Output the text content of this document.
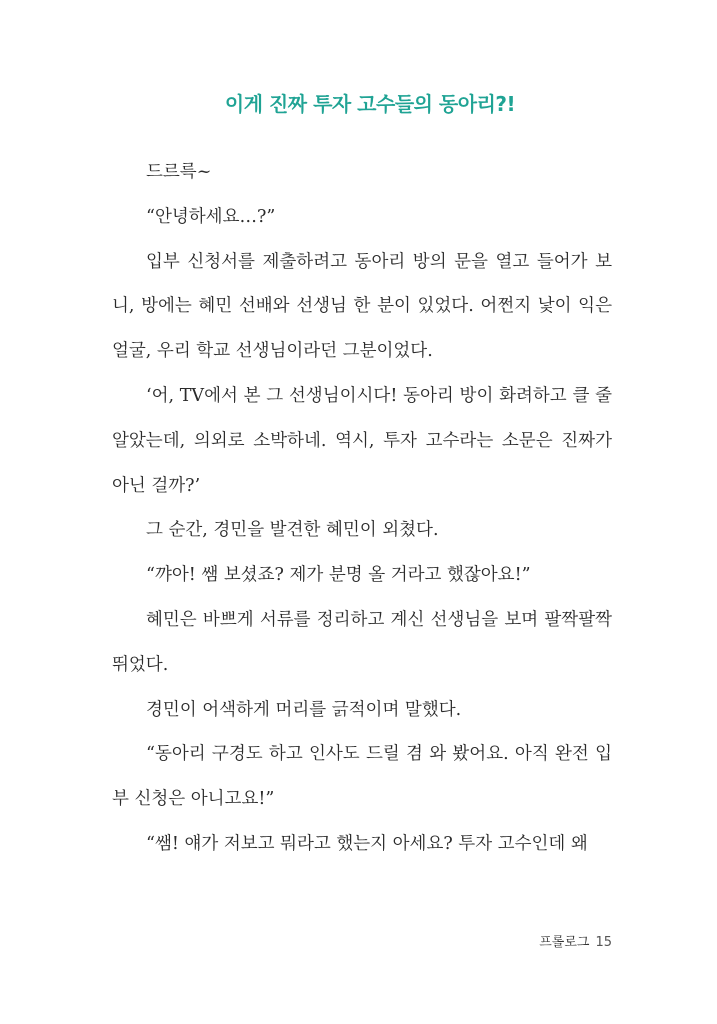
이게 진짜 투자 고수들의 동아리?!

드르륵~

“안녕하세요…?”

입부 신청서를 제출하려고 동아리 방의 문을 열고 들어가 보니, 방에는 혜민 선배와 선생님 한 분이 있었다. 어쩐지 낯이 익은 얼굴, 우리 학교 선생님이라던 그분이었다.

‘어, TV에서 본 그 선생님이시다! 동아리 방이 화려하고 클 줄 알았는데, 의외로 소박하네. 역시, 투자 고수라는 소문은 진짜가 아닌 걸까?’

그 순간, 경민을 발견한 혜민이 외쳤다.

“꺄아! 쌤 보셨죠? 제가 분명 올 거라고 했잖아요!”

혜민은 바쁘게 서류를 정리하고 계신 선생님을 보며 팔짝팔짝 뛰었다.

경민이 어색하게 머리를 긁적이며 말했다.

“동아리 구경도 하고 인사도 드릴 겸 와 봤어요. 아직 완전 입부 신청은 아니고요!”

“쌤! 얘가 저보고 뭐라고 했는지 아세요? 투자 고수인데 왜

프롤로그 15
